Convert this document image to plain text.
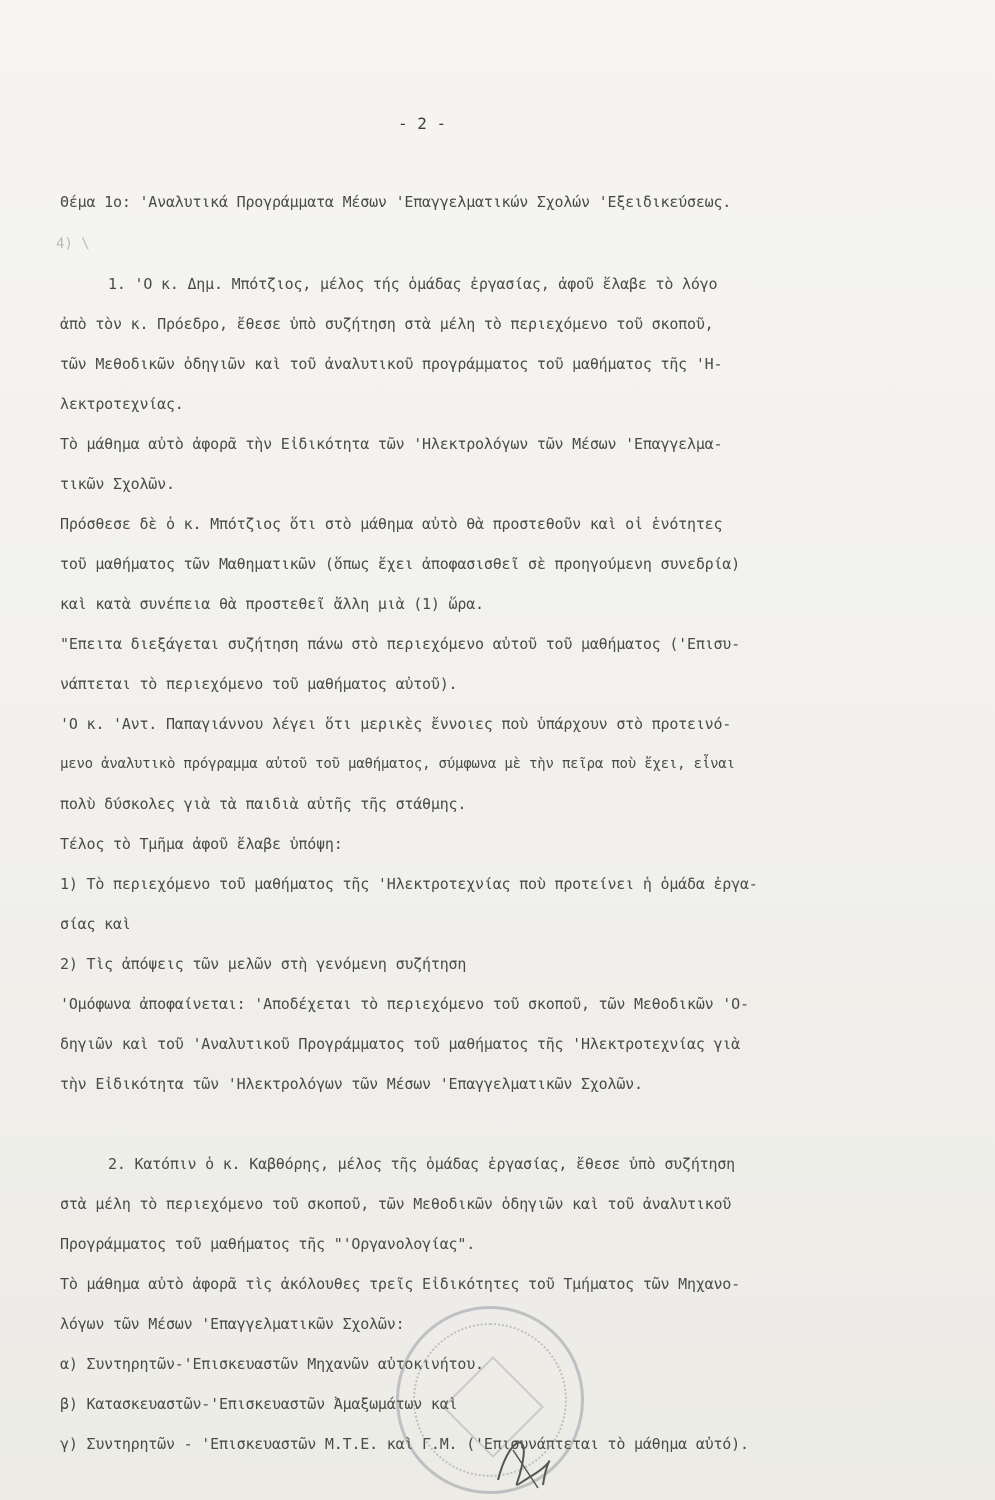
- 2 -
4) \
Θέμα 1ο: 'Αναλυτικά Προγράμματα Μέσων 'Επαγγελματικών Σχολών 'Εξειδικεύσεως.
1. 'Ο κ. Δημ. Μπότζιος, μέλος τής ὁμάδας ἐργασίας, ἀφοῦ ἔλαβε τὸ λόγο
ἀπὸ τὸν κ. Πρόεδρο, ἔθεσε ὑπὸ συζήτηση στὰ μέλη τὸ περιεχόμενο τοῦ σκοποῦ,
τῶν Μεθοδικῶν ὁδηγιῶν καὶ τοῦ ἀναλυτικοῦ προγράμματος τοῦ μαθήματος τῆς 'Η-
λεκτροτεχνίας.
Τὸ μάθημα αὐτὸ ἀφορᾶ τὴν Εἰδικότητα τῶν 'Ηλεκτρολόγων τῶν Μέσων 'Επαγγελμα-
τικῶν Σχολῶν.
Πρόσθεσε δὲ ὁ κ. Μπότζιος ὅτι στὸ μάθημα αὐτὸ θὰ προστεθοῦν καὶ οἱ ἑνότητες
τοῦ μαθήματος τῶν Μαθηματικῶν (ὅπως ἔχει ἀποφασισθεῖ σὲ προηγούμενη συνεδρία)
καὶ κατὰ συνέπεια θὰ προστεθεῖ ἄλλη μιὰ (1) ὥρα.
"Επειτα διεξάγεται συζήτηση πάνω στὸ περιεχόμενο αὐτοῦ τοῦ μαθήματος ('Επισυ-
νάπτεται τὸ περιεχόμενο τοῦ μαθήματος αὐτοῦ).
'Ο κ. 'Αντ. Παπαγιάννου λέγει ὅτι μερικὲς ἔννοιες ποὺ ὑπάρχουν στὸ προτεινό-
μενο ἀναλυτικὸ πρόγραμμα αὐτοῦ τοῦ μαθήματος, σύμφωνα μὲ τὴν πεῖρα ποὺ ἔχει, εἶναι
πολὺ δύσκολες γιὰ τὰ παιδιὰ αὐτῆς τῆς στάθμης.
Τέλος τὸ Τμῆμα ἀφοῦ ἔλαβε ὑπόψη:
1) Τὸ περιεχόμενο τοῦ μαθήματος τῆς 'Ηλεκτροτεχνίας ποὺ προτείνει ἡ ὁμάδα ἐργα-
σίας καὶ
2) Τὶς ἀπόψεις τῶν μελῶν στὴ γενόμενη συζήτηση
'Ομόφωνα ἀποφαίνεται: 'Αποδέχεται τὸ περιεχόμενο τοῦ σκοποῦ, τῶν Μεθοδικῶν 'Ο-
δηγιῶν καὶ τοῦ 'Αναλυτικοῦ Προγράμματος τοῦ μαθήματος τῆς 'Ηλεκτροτεχνίας γιὰ
τὴν Εἰδικότητα τῶν 'Ηλεκτρολόγων τῶν Μέσων 'Επαγγελματικῶν Σχολῶν.
2. Κατόπιν ὁ κ. Καβθόρης, μέλος τῆς ὁμάδας ἐργασίας, ἔθεσε ὑπὸ συζήτηση
στὰ μέλη τὸ περιεχόμενο τοῦ σκοποῦ, τῶν Μεθοδικῶν ὁδηγιῶν καὶ τοῦ ἀναλυτικοῦ
Προγράμματος τοῦ μαθήματος τῆς "'Οργανολογίας".
Τὸ μάθημα αὐτὸ ἀφορᾶ τὶς ἀκόλουθες τρεῖς Εἰδικότητες τοῦ Τμήματος τῶν Μηχανο-
λόγων τῶν Μέσων 'Επαγγελματικῶν Σχολῶν:
α) Συντηρητῶν-'Επισκευαστῶν Μηχανῶν αὐτοκινήτου.
β) Κατασκευαστῶν-'Επισκευαστῶν Ἀμαξωμάτων καὶ
γ) Συντηρητῶν - 'Επισκευαστῶν Μ.Τ.Ε. καὶ Γ.Μ. ('Επισυνάπτεται τὸ μάθημα αὐτό).
